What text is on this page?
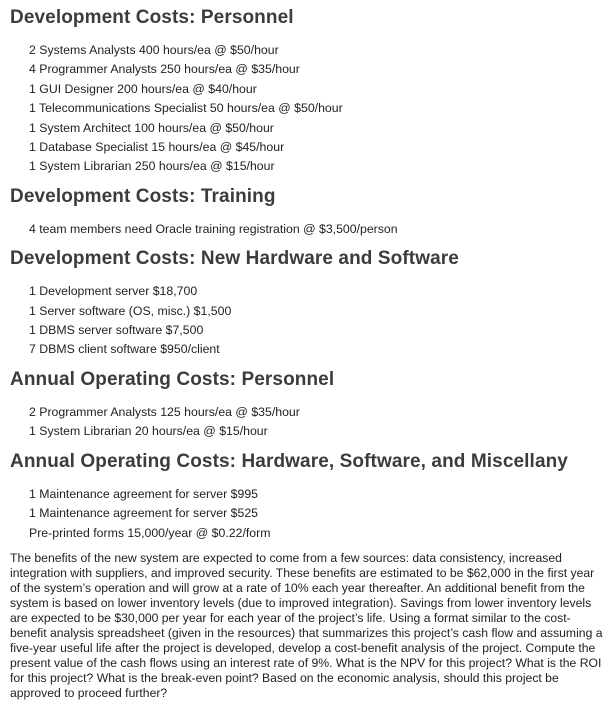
Development Costs: Personnel
2 Systems Analysts 400 hours/ea @ $50/hour
4 Programmer Analysts 250 hours/ea @ $35/hour
1 GUI Designer 200 hours/ea @ $40/hour
1 Telecommunications Specialist 50 hours/ea @ $50/hour
1 System Architect 100 hours/ea @ $50/hour
1 Database Specialist 15 hours/ea @ $45/hour
1 System Librarian 250 hours/ea @ $15/hour
Development Costs: Training
4 team members need Oracle training registration @ $3,500/person
Development Costs: New Hardware and Software
1 Development server $18,700
1 Server software (OS, misc.) $1,500
1 DBMS server software $7,500
7 DBMS client software $950/client
Annual Operating Costs: Personnel
2 Programmer Analysts 125 hours/ea @ $35/hour
1 System Librarian 20 hours/ea @ $15/hour
Annual Operating Costs: Hardware, Software, and Miscellany
1 Maintenance agreement for server $995
1 Maintenance agreement for server $525
Pre-printed forms 15,000/year @ $0.22/form

The benefits of the new system are expected to come from a few sources: data consistency, increased integration with suppliers, and improved security. These benefits are estimated to be $62,000 in the first year of the system’s operation and will grow at a rate of 10% each year thereafter. An additional benefit from the system is based on lower inventory levels (due to improved integration). Savings from lower inventory levels are expected to be $30,000 per year for each year of the project’s life. Using a format similar to the cost-benefit analysis spreadsheet (given in the resources) that summarizes this project’s cash flow and assuming a five-year useful life after the project is developed, develop a cost-benefit analysis of the project. Compute the present value of the cash flows using an interest rate of 9%. What is the NPV for this project? What is the ROI for this project? What is the break-even point? Based on the economic analysis, should this project be approved to proceed further?
